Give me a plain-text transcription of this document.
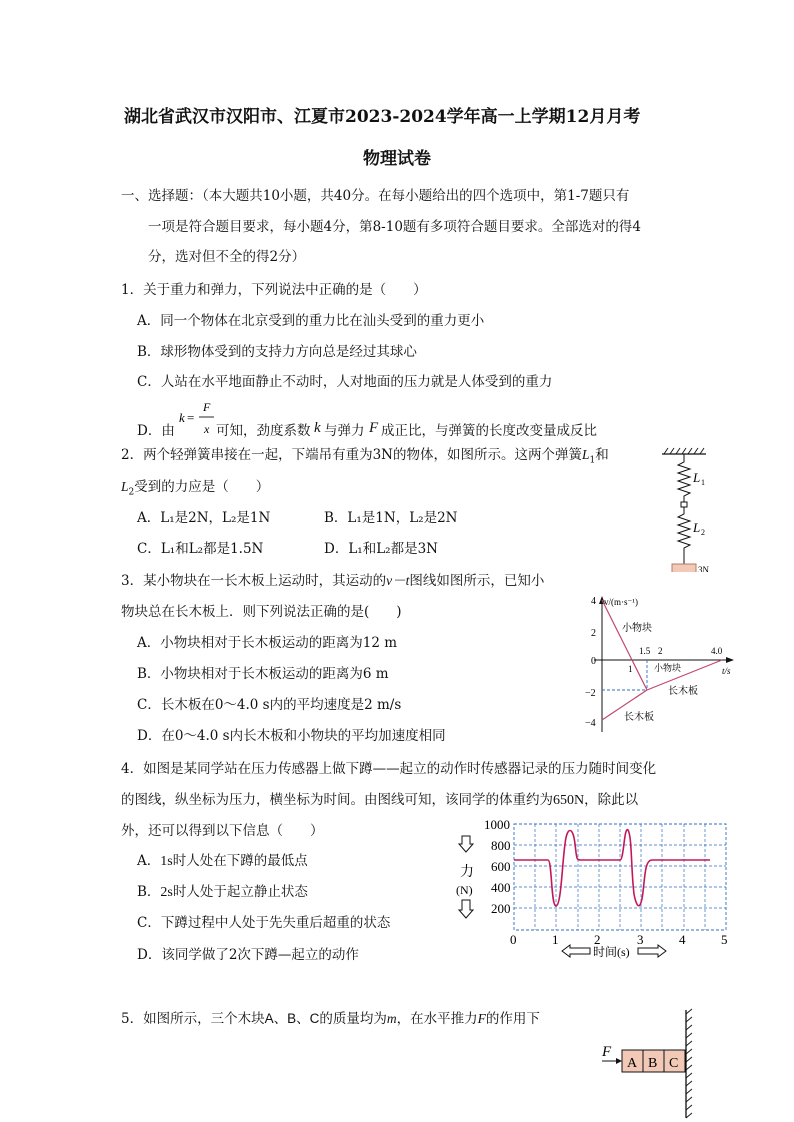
湖北省武汉市汉阳市、江夏市2023-2024学年高一上学期12月月考
物理试卷
一、选择题：（本大题共10小题，共40分。在每小题给出的四个选项中，第1-7题只有
一项是符合题目要求，每小题4分，第8-10题有多项符合题目要求。全部选对的得4
分，选对但不全的得2分）
1．关于重力和弹力，下列说法中正确的是（　　）
A．同一个物体在北京受到的重力比在汕头受到的重力更小
B．球形物体受到的支持力方向总是经过其球心
C．人站在水平地面静止不动时，人对地面的压力就是人体受到的重力
D．由
k =
F
x 可知，劲度系数 k 与弹力 F 成正比，与弹簧的长度改变量成反比
2．两个轻弹簧串接在一起，下端吊有重为3N的物体，如图所示。这两个弹簧$L_1$和
$L_2$受到的力应是（　　）
A．L₁是2N，L₂是1N	B．L₁是1N，L₂是2N
C．L₁和L₂都是1.5N	D．L₁和L₂都是3N
L 1
L 2
3N
3．某小物块在一长木板上运动时，其运动的v－t图线如图所示，已知小
物块总在长木板上．则下列说法正确的是(　　)
A．小物块相对于长木板运动的距离为12 m
B．小物块相对于长木板运动的距离为6 m
C．长木板在0～4.0 s内的平均速度是2 m/s
D．在0～4.0 s内长木板和小物块的平均加速度相同
v/(m·s⁻¹)
t/s
4
2
0
−2
−4
1
1.5 2	4.0
小物块
小物块
长木板
长木板
4．如图是某同学站在压力传感器上做下蹲——起立的动作时传感器记录的压力随时间变化
的图线，纵坐标为压力，横坐标为时间。由图线可知，该同学的体重约为650N，除此以
外，还可以得到以下信息（　　）
A．1s时人处在下蹲的最低点
B．2s时人处于起立静止状态
C．下蹲过程中人处于先失重后超重的状态
D．该同学做了2次下蹲—起立的动作
1000
800
600
400
200
0	1	2	3	4	5
力
(N)
时间(s)
5．如图所示，三个木块A、B、C的质量均为m，在水平推力F的作用下
A B C
F
